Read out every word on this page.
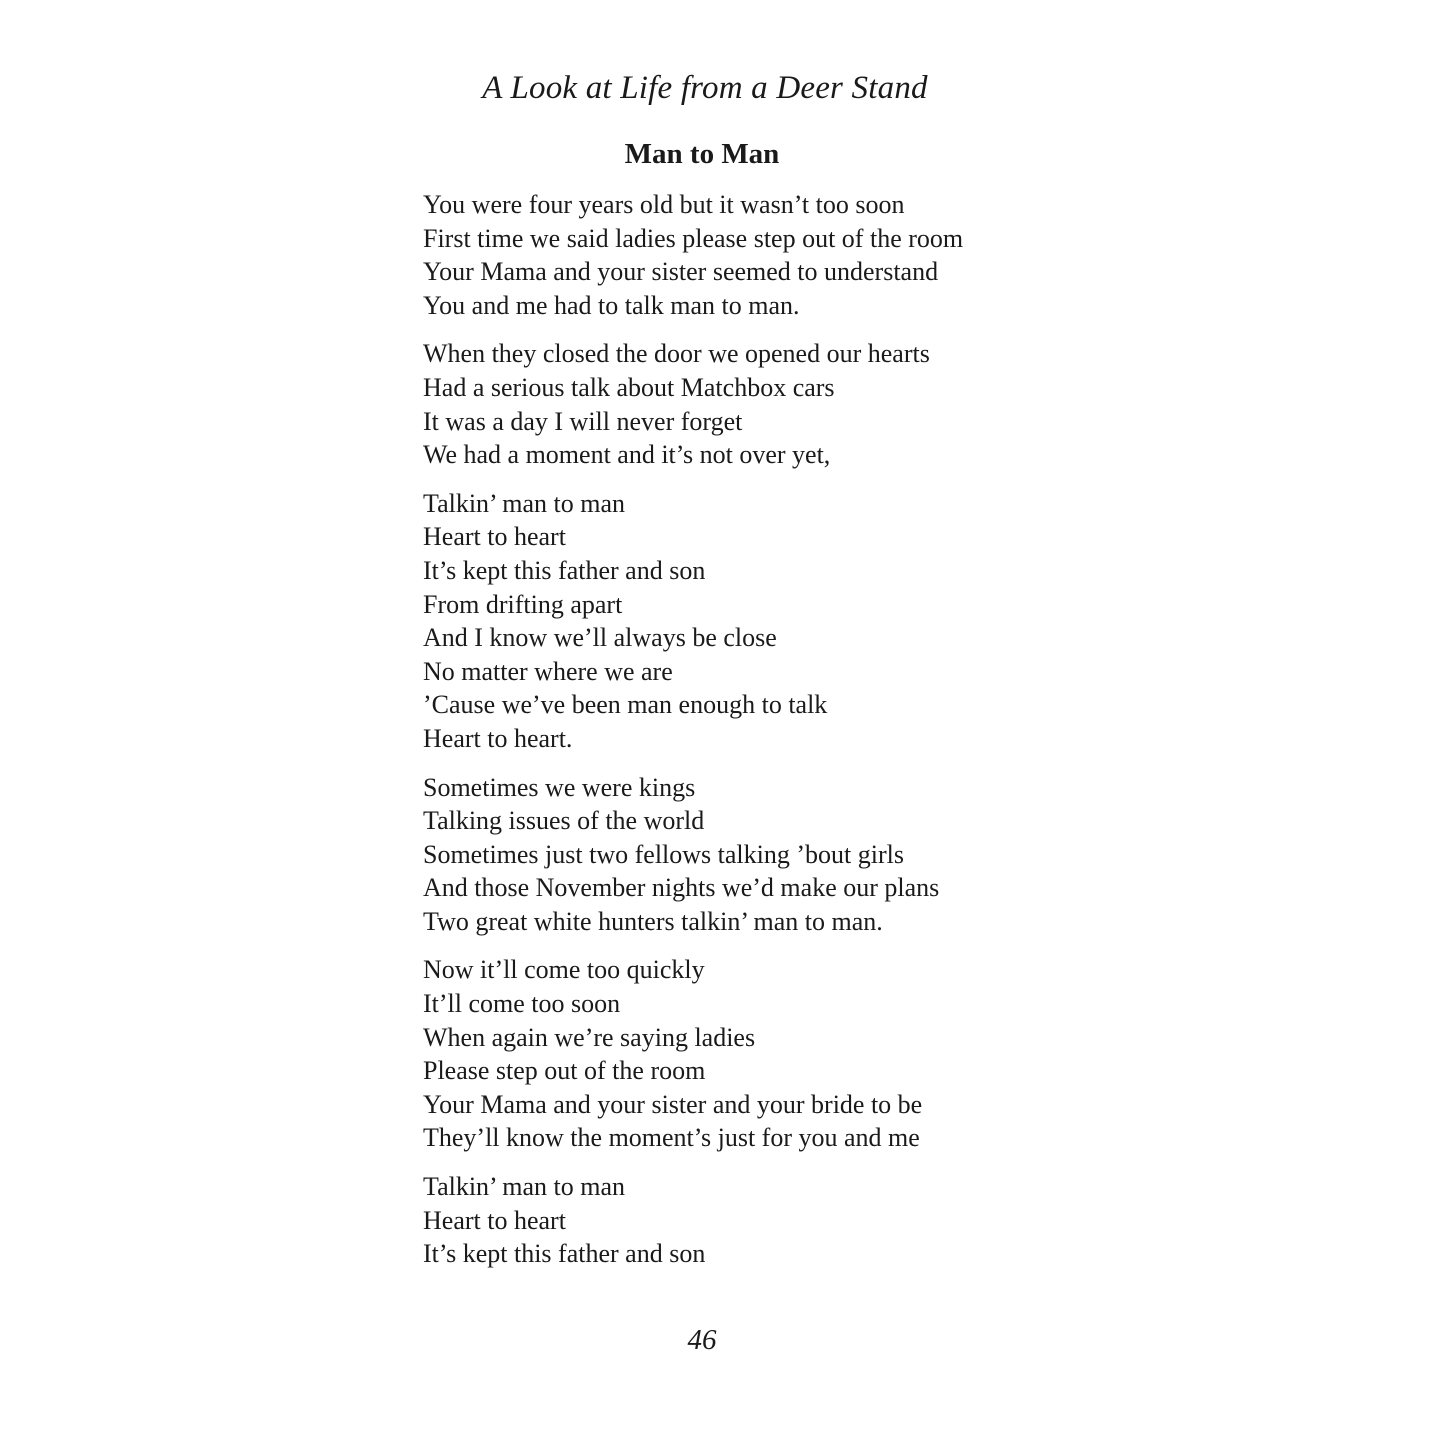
A Look at Life from a Deer Stand
Man to Man
You were four years old but it wasn’t too soon
First time we said ladies please step out of the room
Your Mama and your sister seemed to understand
You and me had to talk man to man.
When they closed the door we opened our hearts
Had a serious talk about Matchbox cars
It was a day I will never forget
We had a moment and it’s not over yet,
Talkin’ man to man
Heart to heart
It’s kept this father and son
From drifting apart
And I know we’ll always be close
No matter where we are
’Cause we’ve been man enough to talk
Heart to heart.
Sometimes we were kings
Talking issues of the world
Sometimes just two fellows talking ’bout girls
And those November nights we’d make our plans
Two great white hunters talkin’ man to man.
Now it’ll come too quickly
It’ll come too soon
When again we’re saying ladies
Please step out of the room
Your Mama and your sister and your bride to be
They’ll know the moment’s just for you and me
Talkin’ man to man
Heart to heart
It’s kept this father and son
46
